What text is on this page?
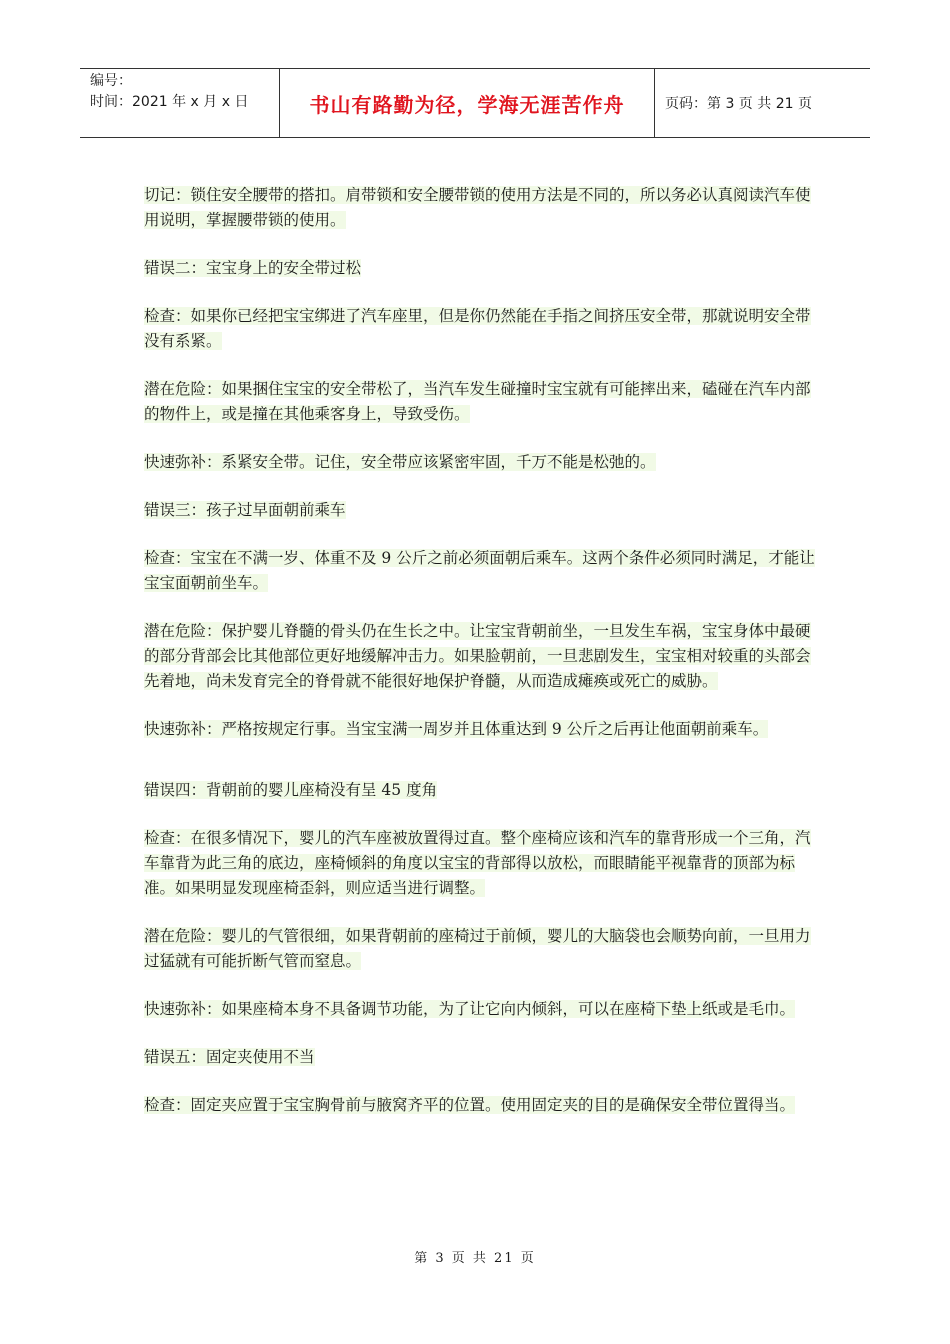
编号：
时间：2021 年 x 月 x 日	书山有路勤为径，学海无涯苦作舟	页码：第 3 页 共 21 页

切记：锁住安全腰带的搭扣。肩带锁和安全腰带锁的使用方法是不同的，所以务必认真阅读汽车使用说明，掌握腰带锁的使用。

错误二：宝宝身上的安全带过松

检查：如果你已经把宝宝绑进了汽车座里，但是你仍然能在手指之间挤压安全带，那就说明安全带没有系紧。

潜在危险：如果捆住宝宝的安全带松了，当汽车发生碰撞时宝宝就有可能摔出来，磕碰在汽车内部的物件上，或是撞在其他乘客身上，导致受伤。

快速弥补：系紧安全带。记住，安全带应该紧密牢固，千万不能是松弛的。

错误三：孩子过早面朝前乘车

检查：宝宝在不满一岁、体重不及 9 公斤之前必须面朝后乘车。这两个条件必须同时满足，才能让宝宝面朝前坐车。

潜在危险：保护婴儿脊髓的骨头仍在生长之中。让宝宝背朝前坐，一旦发生车祸，宝宝身体中最硬的部分背部会比其他部位更好地缓解冲击力。如果脸朝前，一旦悲剧发生，宝宝相对较重的头部会先着地，尚未发育完全的脊骨就不能很好地保护脊髓，从而造成瘫痪或死亡的威胁。

快速弥补：严格按规定行事。当宝宝满一周岁并且体重达到 9 公斤之后再让他面朝前乘车。

错误四：背朝前的婴儿座椅没有呈 45 度角

检查：在很多情况下，婴儿的汽车座被放置得过直。整个座椅应该和汽车的靠背形成一个三角，汽车靠背为此三角的底边，座椅倾斜的角度以宝宝的背部得以放松，而眼睛能平视靠背的顶部为标准。如果明显发现座椅歪斜，则应适当进行调整。

潜在危险：婴儿的气管很细，如果背朝前的座椅过于前倾，婴儿的大脑袋也会顺势向前，一旦用力过猛就有可能折断气管而窒息。

快速弥补：如果座椅本身不具备调节功能，为了让它向内倾斜，可以在座椅下垫上纸或是毛巾。

错误五：固定夹使用不当

检查：固定夹应置于宝宝胸骨前与腋窝齐平的位置。使用固定夹的目的是确保安全带位置得当。

第 3 页 共 21 页
